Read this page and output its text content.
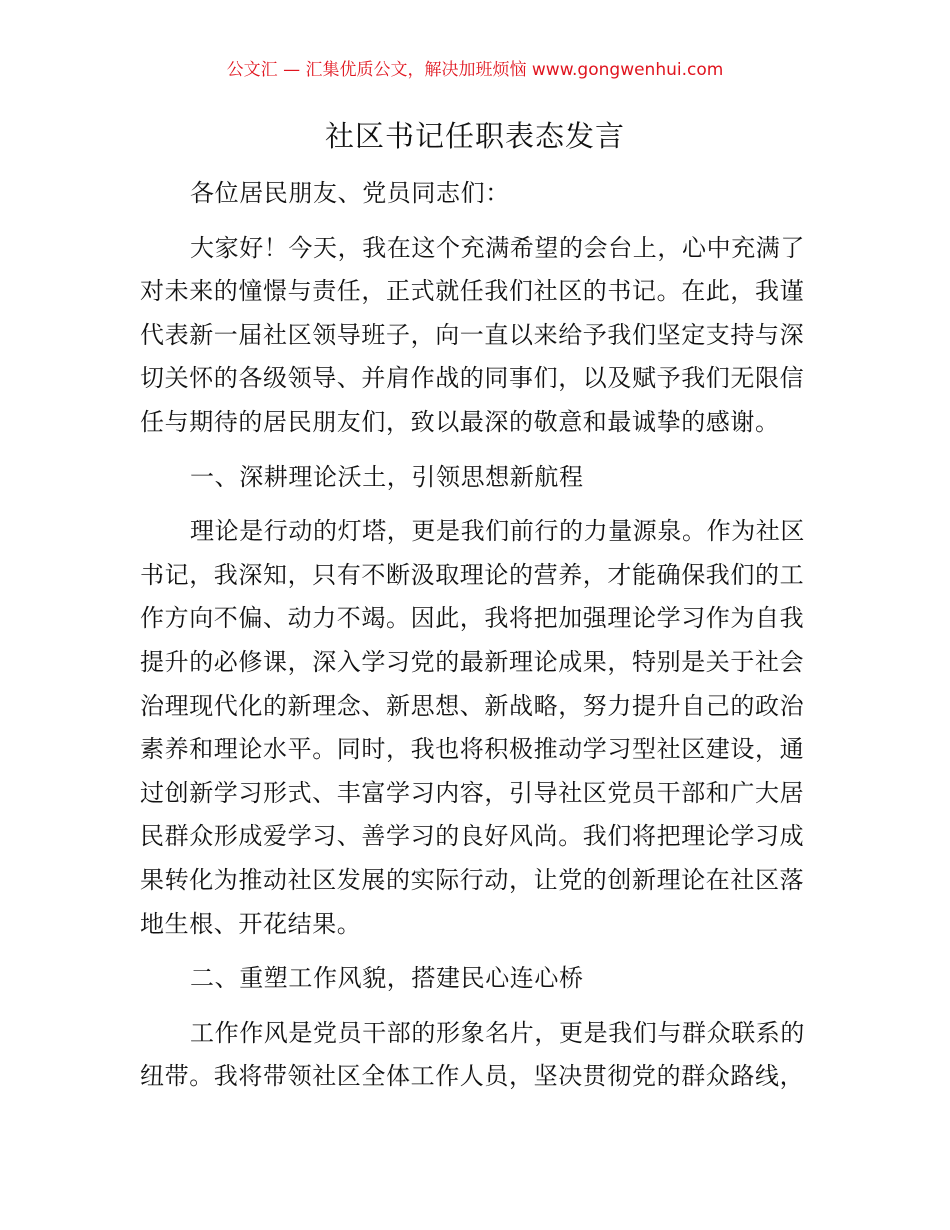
公文汇 — 汇集优质公文，解决加班烦恼 www.gongwenhui.com
社区书记任职表态发言
各位居民朋友、党员同志们：
大家好！今天，我在这个充满希望的会台上，心中充满了
对未来的憧憬与责任，正式就任我们社区的书记。在此，我谨
代表新一届社区领导班子，向一直以来给予我们坚定支持与深
切关怀的各级领导、并肩作战的同事们，以及赋予我们无限信
任与期待的居民朋友们，致以最深的敬意和最诚挚的感谢。
一、深耕理论沃土，引领思想新航程
理论是行动的灯塔，更是我们前行的力量源泉。作为社区
书记，我深知，只有不断汲取理论的营养，才能确保我们的工
作方向不偏、动力不竭。因此，我将把加强理论学习作为自我
提升的必修课，深入学习党的最新理论成果，特别是关于社会
治理现代化的新理念、新思想、新战略，努力提升自己的政治
素养和理论水平。同时，我也将积极推动学习型社区建设，通
过创新学习形式、丰富学习内容，引导社区党员干部和广大居
民群众形成爱学习、善学习的良好风尚。我们将把理论学习成
果转化为推动社区发展的实际行动，让党的创新理论在社区落
地生根、开花结果。
二、重塑工作风貌，搭建民心连心桥
工作作风是党员干部的形象名片，更是我们与群众联系的
纽带。我将带领社区全体工作人员，坚决贯彻党的群众路线，
